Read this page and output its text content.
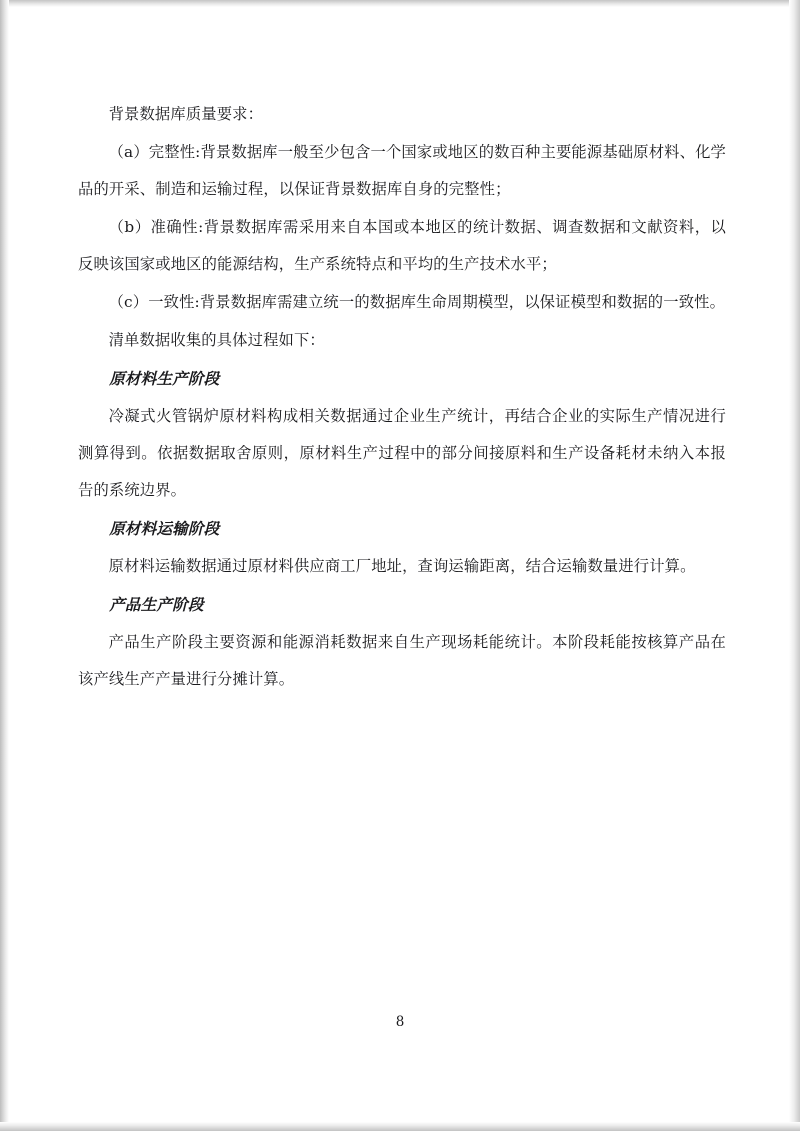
背景数据库质量要求：

（a）完整性:背景数据库一般至少包含一个国家或地区的数百种主要能源基础原材料、化学品的开采、制造和运输过程，以保证背景数据库自身的完整性；

（b）准确性:背景数据库需采用来自本国或本地区的统计数据、调查数据和文献资料，以反映该国家或地区的能源结构，生产系统特点和平均的生产技术水平；

（c）一致性:背景数据库需建立统一的数据库生命周期模型，以保证模型和数据的一致性。

清单数据收集的具体过程如下：

原材料生产阶段

冷凝式火管锅炉原材料构成相关数据通过企业生产统计，再结合企业的实际生产情况进行测算得到。依据数据取舍原则，原材料生产过程中的部分间接原料和生产设备耗材未纳入本报告的系统边界。

原材料运输阶段

原材料运输数据通过原材料供应商工厂地址，查询运输距离，结合运输数量进行计算。

产品生产阶段

产品生产阶段主要资源和能源消耗数据来自生产现场耗能统计。本阶段耗能按核算产品在该产线生产产量进行分摊计算。

8
